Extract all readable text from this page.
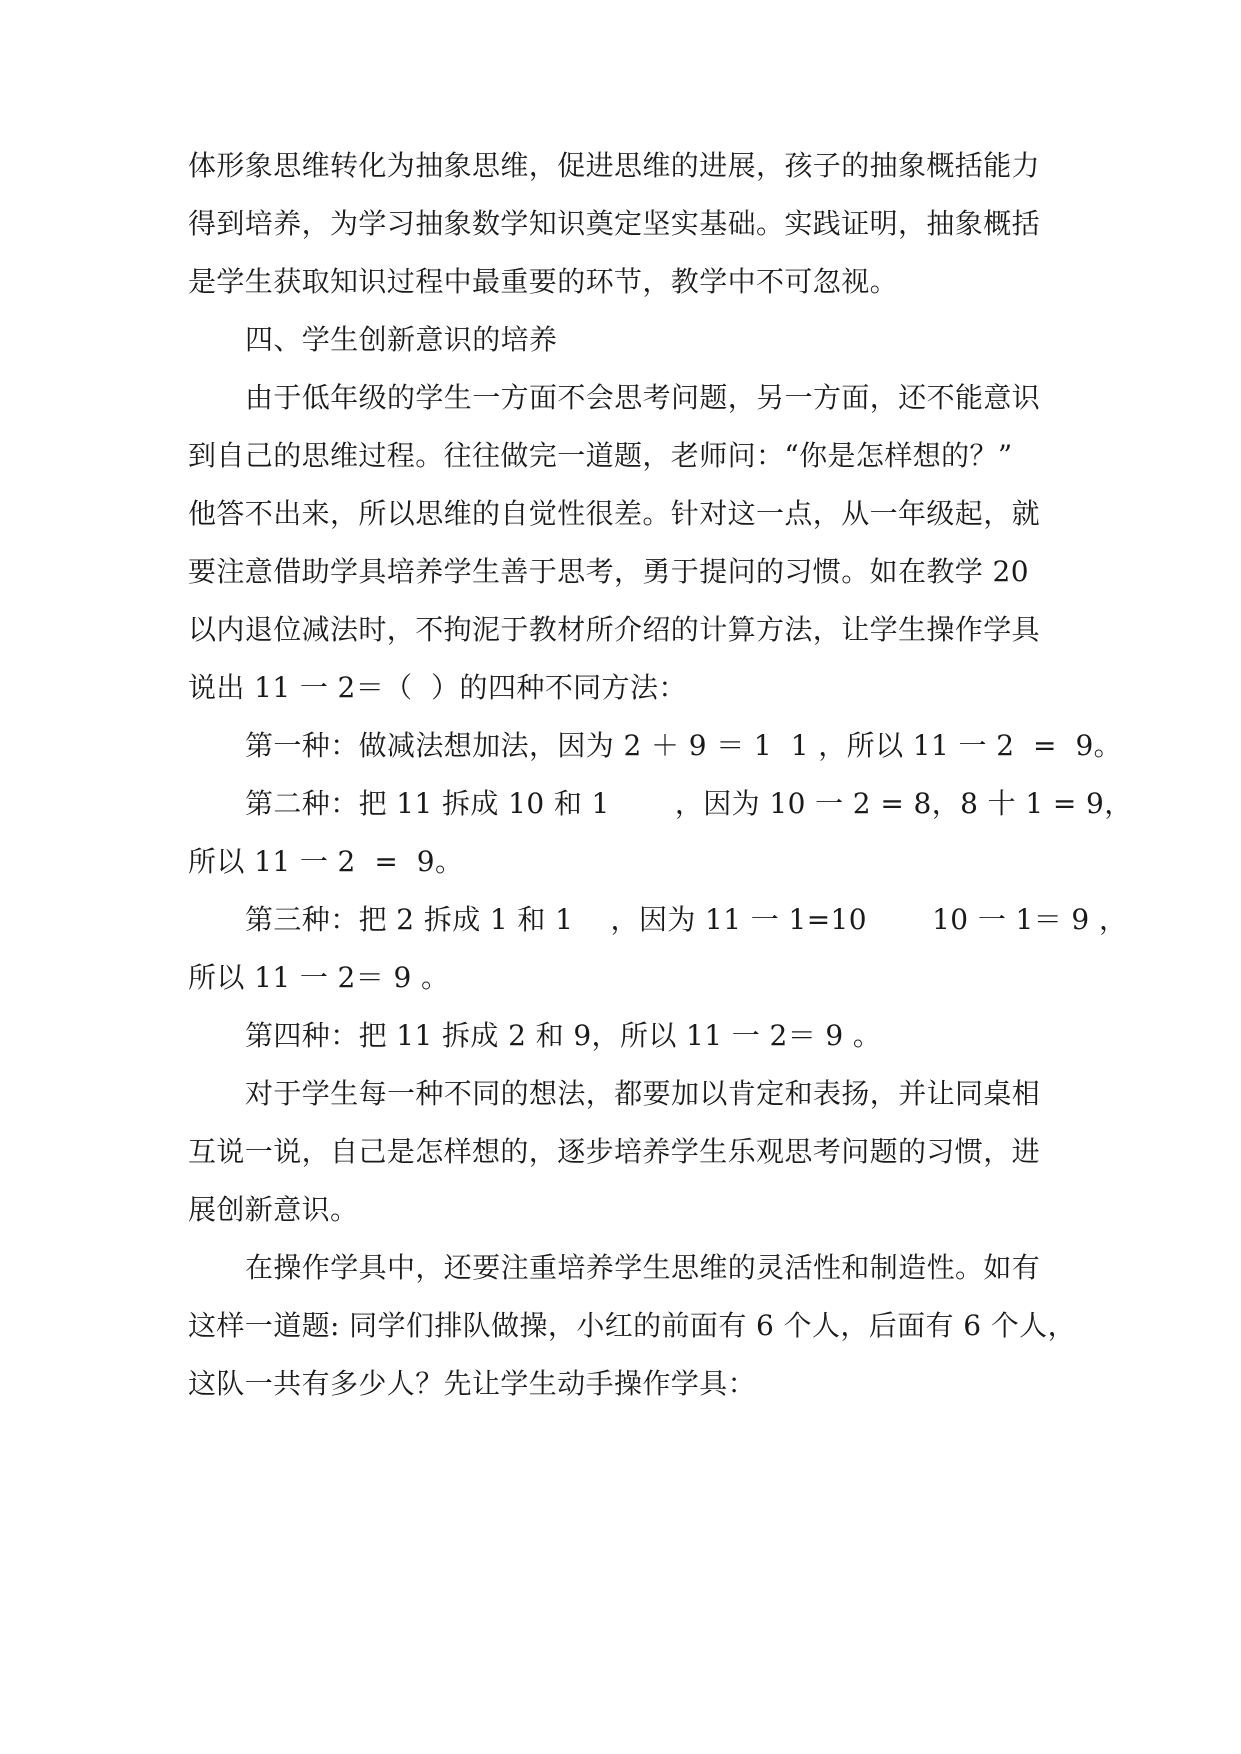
体形象思维转化为抽象思维，促进思维的进展，孩子的抽象概括能力
得到培养，为学习抽象数学知识奠定坚实基础。实践证明，抽象概括
是学生获取知识过程中最重要的环节，教学中不可忽视。
四、学生创新意识的培养
由于低年级的学生一方面不会思考问题，另一方面，还不能意识
到自己的思维过程。往往做完一道题，老师问：“你是怎样想的？”
他答不出来，所以思维的自觉性很差。针对这一点，从一年级起，就
要注意借助学具培养学生善于思考，勇于提问的习惯。如在教学 20
以内退位减法时，不拘泥于教材所介绍的计算方法，让学生操作学具
说出 11 一 2＝（  ）的四种不同方法：
第一种：做减法想加法，因为 2 ＋ 9 ＝ 1  1 ，所以 11 一 2  =  9。
第二种：把 11 拆成 10 和 1       ，因为 10 一 2 = 8，8 十 1 = 9，
所以 11 一 2  =  9。
第三种：把 2 拆成 1 和 1    ，因为 11 一 1=10       10 一 1＝ 9 ，
所以 11 一 2＝ 9 。
第四种：把 11 拆成 2 和 9，所以 11 一 2＝ 9 。
对于学生每一种不同的想法，都要加以肯定和表扬，并让同桌相
互说一说，自己是怎样想的，逐步培养学生乐观思考问题的习惯，进
展创新意识。
在操作学具中，还要注重培养学生思维的灵活性和制造性。如有
这样一道题: 同学们排队做操，小红的前面有 6 个人，后面有 6 个人，
这队一共有多少人？先让学生动手操作学具：
